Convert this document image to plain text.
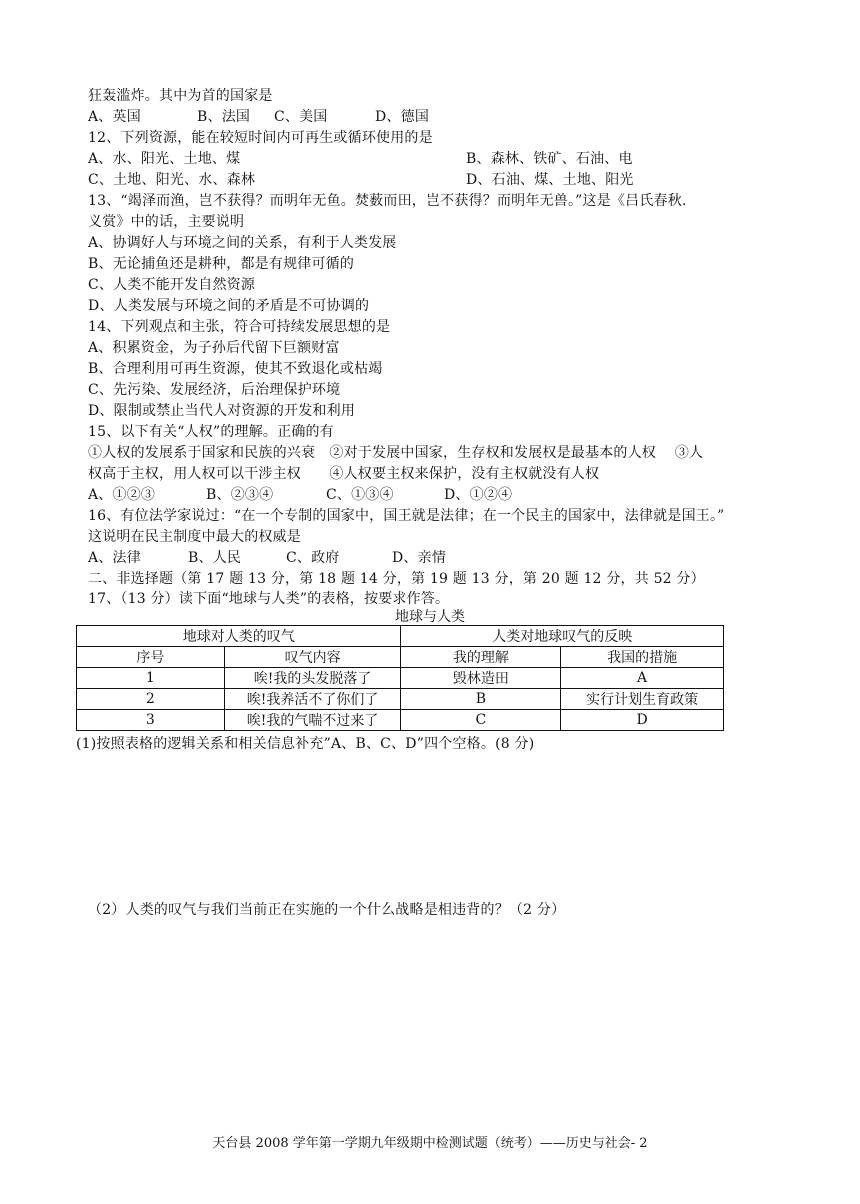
狂轰滥炸。其中为首的国家是
A、英国	B、法国 C、美国	D、德国
12、下列资源，能在较短时间内可再生或循环使用的是
A、水、阳光、土地、煤	B、森林、铁矿、石油、电
C、土地、阳光、水、森林	D、石油、煤、土地、阳光
13、“竭泽而渔，岂不获得？而明年无鱼。焚薮而田，岂不获得？而明年无兽。”这是《吕氏春秋.
义赏》中的话，主要说明
A、协调好人与环境之间的关系，有利于人类发展
B、无论捕鱼还是耕种，都是有规律可循的
C、人类不能开发自然资源
D、人类发展与环境之间的矛盾是不可协调的
14、下列观点和主张，符合可持续发展思想的是
A、积累资金，为子孙后代留下巨额财富
B、合理利用可再生资源，使其不致退化或枯竭
C、先污染、发展经济，后治理保护环境
D、限制或禁止当代人对资源的开发和利用
15、以下有关“人权”的理解。正确的有
①人权的发展系于国家和民族的兴衰　②对于发展中国家，生存权和发展权是最基本的人权　 ③人
权高于主权，用人权可以干涉主权　　④人权要主权来保护，没有主权就没有人权
A、①②③	B、②③④	C、①③④	D、①②④
16、有位法学家说过：“在一个专制的国家中，国王就是法律；在一个民主的国家中，法律就是国王。”
这说明在民主制度中最大的权威是
A、法律	B、人民	C、政府	D、亲情
二、非选择题（第 17 题 13 分，第 18 题 14 分，第 19 题 13 分，第 20 题 12 分，共 52 分）
17、（13 分）读下面“地球与人类”的表格，按要求作答。
地球与人类
地球对人类的叹气		人类对地球叹气的反映	
序号	叹气内容	我的理解	我国的措施
1	唉!我的头发脱落了	毁林造田	A
2	唉!我养活不了你们了	B	实行计划生育政策
3	唉!我的气喘不过来了	C	D
(1)按照表格的逻辑关系和相关信息补充”A、B、C、D”四个空格。(8 分)
（2）人类的叹气与我们当前正在实施的一个什么战略是相违背的？（2 分）
天台县 2008 学年第一学期九年级期中检测试题（统考）——历史与社会- 2
